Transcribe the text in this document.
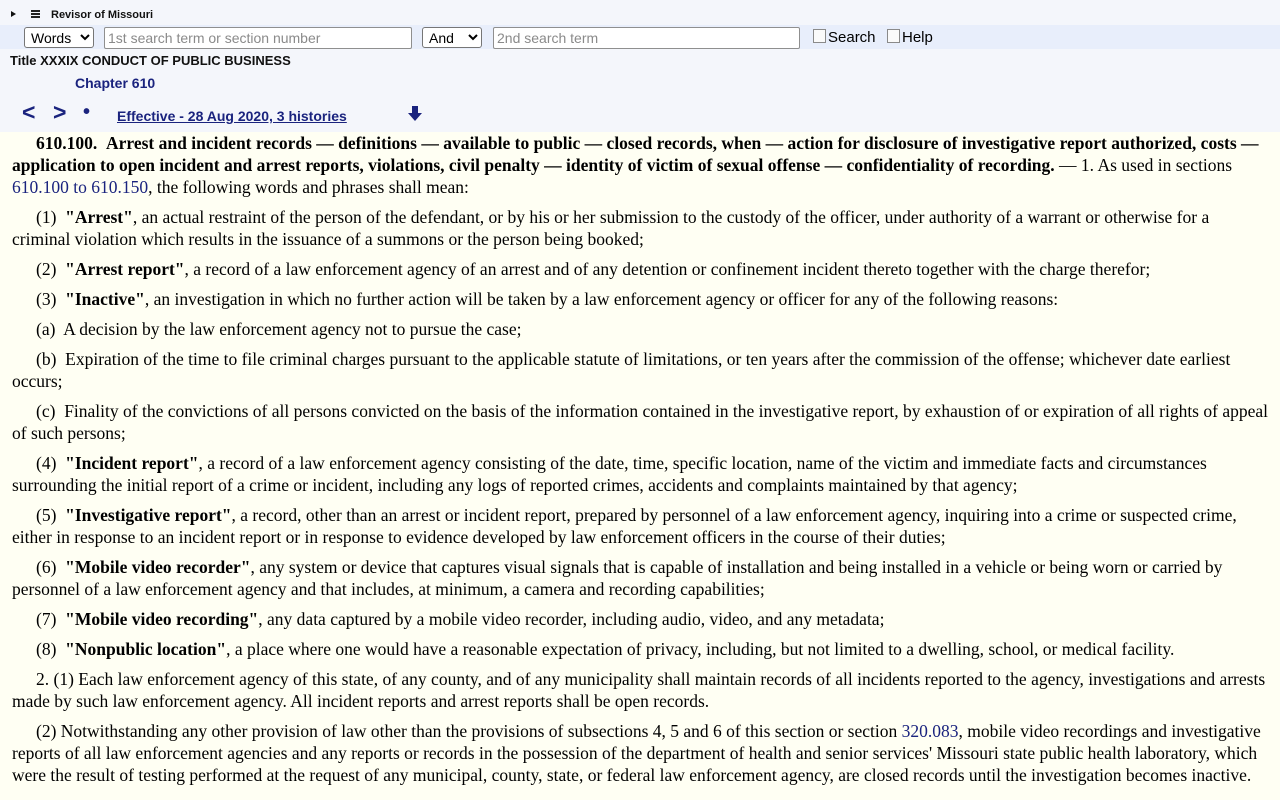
Revisor of Missouri
Words
1st search term or section number
And
2nd search term
Search	Help
Title XXXIX CONDUCT OF PUBLIC BUSINESS
Chapter 610
< > • Effective - 28 Aug 2020, 3 histories

610.100. Arrest and incident records — definitions — available to public — closed records, when — action for disclosure of investigative report authorized, costs — application to open incident and arrest reports, violations, civil penalty — identity of victim of sexual offense — confidentiality of recording. — 1. As used in sections 610.100 to 610.150, the following words and phrases shall mean:

(1) "Arrest", an actual restraint of the person of the defendant, or by his or her submission to the custody of the officer, under authority of a warrant or otherwise for a criminal violation which results in the issuance of a summons or the person being booked;

(2) "Arrest report", a record of a law enforcement agency of an arrest and of any detention or confinement incident thereto together with the charge therefor;

(3) "Inactive", an investigation in which no further action will be taken by a law enforcement agency or officer for any of the following reasons:

(a) A decision by the law enforcement agency not to pursue the case;

(b) Expiration of the time to file criminal charges pursuant to the applicable statute of limitations, or ten years after the commission of the offense; whichever date earliest occurs;

(c) Finality of the convictions of all persons convicted on the basis of the information contained in the investigative report, by exhaustion of or expiration of all rights of appeal of such persons;

(4) "Incident report", a record of a law enforcement agency consisting of the date, time, specific location, name of the victim and immediate facts and circumstances surrounding the initial report of a crime or incident, including any logs of reported crimes, accidents and complaints maintained by that agency;

(5) "Investigative report", a record, other than an arrest or incident report, prepared by personnel of a law enforcement agency, inquiring into a crime or suspected crime, either in response to an incident report or in response to evidence developed by law enforcement officers in the course of their duties;

(6) "Mobile video recorder", any system or device that captures visual signals that is capable of installation and being installed in a vehicle or being worn or carried by personnel of a law enforcement agency and that includes, at minimum, a camera and recording capabilities;

(7) "Mobile video recording", any data captured by a mobile video recorder, including audio, video, and any metadata;

(8) "Nonpublic location", a place where one would have a reasonable expectation of privacy, including, but not limited to a dwelling, school, or medical facility.

2. (1) Each law enforcement agency of this state, of any county, and of any municipality shall maintain records of all incidents reported to the agency, investigations and arrests made by such law enforcement agency. All incident reports and arrest reports shall be open records.

(2) Notwithstanding any other provision of law other than the provisions of subsections 4, 5 and 6 of this section or section 320.083, mobile video recordings and investigative reports of all law enforcement agencies and any reports or records in the possession of the department of health and senior services' Missouri state public health laboratory, which were the result of testing performed at the request of any municipal, county, state, or federal law enforcement agency, are closed records until the investigation becomes inactive.
